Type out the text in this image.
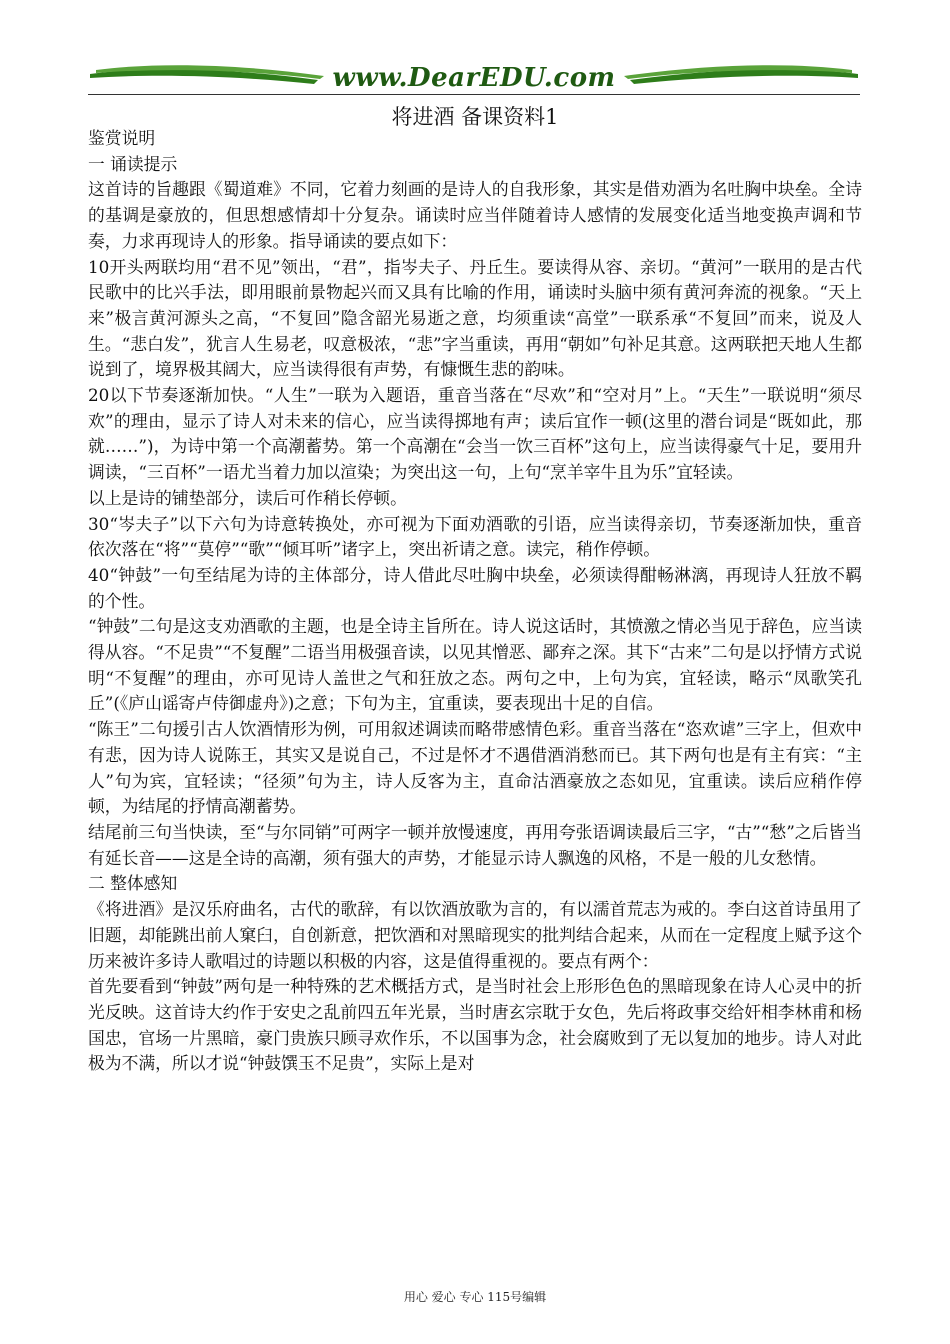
www.DearEDU.com
将进酒 备课资料1

鉴赏说明

一 诵读提示

这首诗的旨趣跟《蜀道难》不同，它着力刻画的是诗人的自我形象，其实是借劝酒为名吐胸中块垒。全诗的基调是豪放的，但思想感情却十分复杂。诵读时应当伴随着诗人感情的发展变化适当地变换声调和节奏，力求再现诗人的形象。指导诵读的要点如下：

10开头两联均用“君不见”领出，“君”，指岑夫子、丹丘生。要读得从容、亲切。“黄河”一联用的是古代民歌中的比兴手法，即用眼前景物起兴而又具有比喻的作用，诵读时头脑中须有黄河奔流的视象。“天上来”极言黄河源头之高，“不复回”隐含韶光易逝之意，均须重读“高堂”一联系承“不复回”而来，说及人生。“悲白发”，犹言人生易老，叹意极浓，“悲”字当重读，再用“朝如”句补足其意。这两联把天地人生都说到了，境界极其阔大，应当读得很有声势，有慷慨生悲的韵味。

20以下节奏逐渐加快。“人生”一联为入题语，重音当落在“尽欢”和“空对月”上。“天生”一联说明“须尽欢”的理由，显示了诗人对未来的信心，应当读得掷地有声；读后宜作一顿(这里的潜台词是“既如此，那就……”)，为诗中第一个高潮蓄势。第一个高潮在“会当一饮三百杯”这句上，应当读得豪气十足，要用升调读，“三百杯”一语尤当着力加以渲染；为突出这一句，上句“烹羊宰牛且为乐”宜轻读。

以上是诗的铺垫部分，读后可作稍长停顿。

30“岑夫子”以下六句为诗意转换处，亦可视为下面劝酒歌的引语，应当读得亲切，节奏逐渐加快，重音依次落在“将”“莫停”“歌”“倾耳听”诸字上，突出祈请之意。读完，稍作停顿。

40“钟鼓”一句至结尾为诗的主体部分，诗人借此尽吐胸中块垒，必须读得酣畅淋漓，再现诗人狂放不羁的个性。

“钟鼓”二句是这支劝酒歌的主题，也是全诗主旨所在。诗人说这话时，其愤激之情必当见于辞色，应当读得从容。“不足贵”“不复醒”二语当用极强音读，以见其憎恶、鄙弃之深。其下“古来”二句是以抒情方式说明“不复醒”的理由，亦可见诗人盖世之气和狂放之态。两句之中，上句为宾，宜轻读，略示“凤歌笑孔丘”(《庐山谣寄卢侍御虚舟》)之意；下句为主，宜重读，要表现出十足的自信。

“陈王”二句援引古人饮酒情形为例，可用叙述调读而略带感情色彩。重音当落在“恣欢谑”三字上，但欢中有悲，因为诗人说陈王，其实又是说自己，不过是怀才不遇借酒消愁而已。其下两句也是有主有宾：“主人”句为宾，宜轻读；“径须”句为主，诗人反客为主，直命沽酒豪放之态如见，宜重读。读后应稍作停顿，为结尾的抒情高潮蓄势。

结尾前三句当快读，至“与尔同销”可两字一顿并放慢速度，再用夸张语调读最后三字，“古”“愁”之后皆当有延长音——这是全诗的高潮，须有强大的声势，才能显示诗人飘逸的风格，不是一般的儿女愁情。

二 整体感知

《将进酒》是汉乐府曲名，古代的歌辞，有以饮酒放歌为言的，有以濡首荒志为戒的。李白这首诗虽用了旧题，却能跳出前人窠臼，自创新意，把饮酒和对黑暗现实的批判结合起来，从而在一定程度上赋予这个历来被许多诗人歌唱过的诗题以积极的内容，这是值得重视的。要点有两个：

首先要看到“钟鼓”两句是一种特殊的艺术概括方式，是当时社会上形形色色的黑暗现象在诗人心灵中的折光反映。这首诗大约作于安史之乱前四五年光景，当时唐玄宗耽于女色，先后将政事交给奸相李林甫和杨国忠，官场一片黑暗，豪门贵族只顾寻欢作乐，不以国事为念，社会腐败到了无以复加的地步。诗人对此极为不满，所以才说“钟鼓馔玉不足贵”，实际上是对

用心 爱心 专心 115号编辑
